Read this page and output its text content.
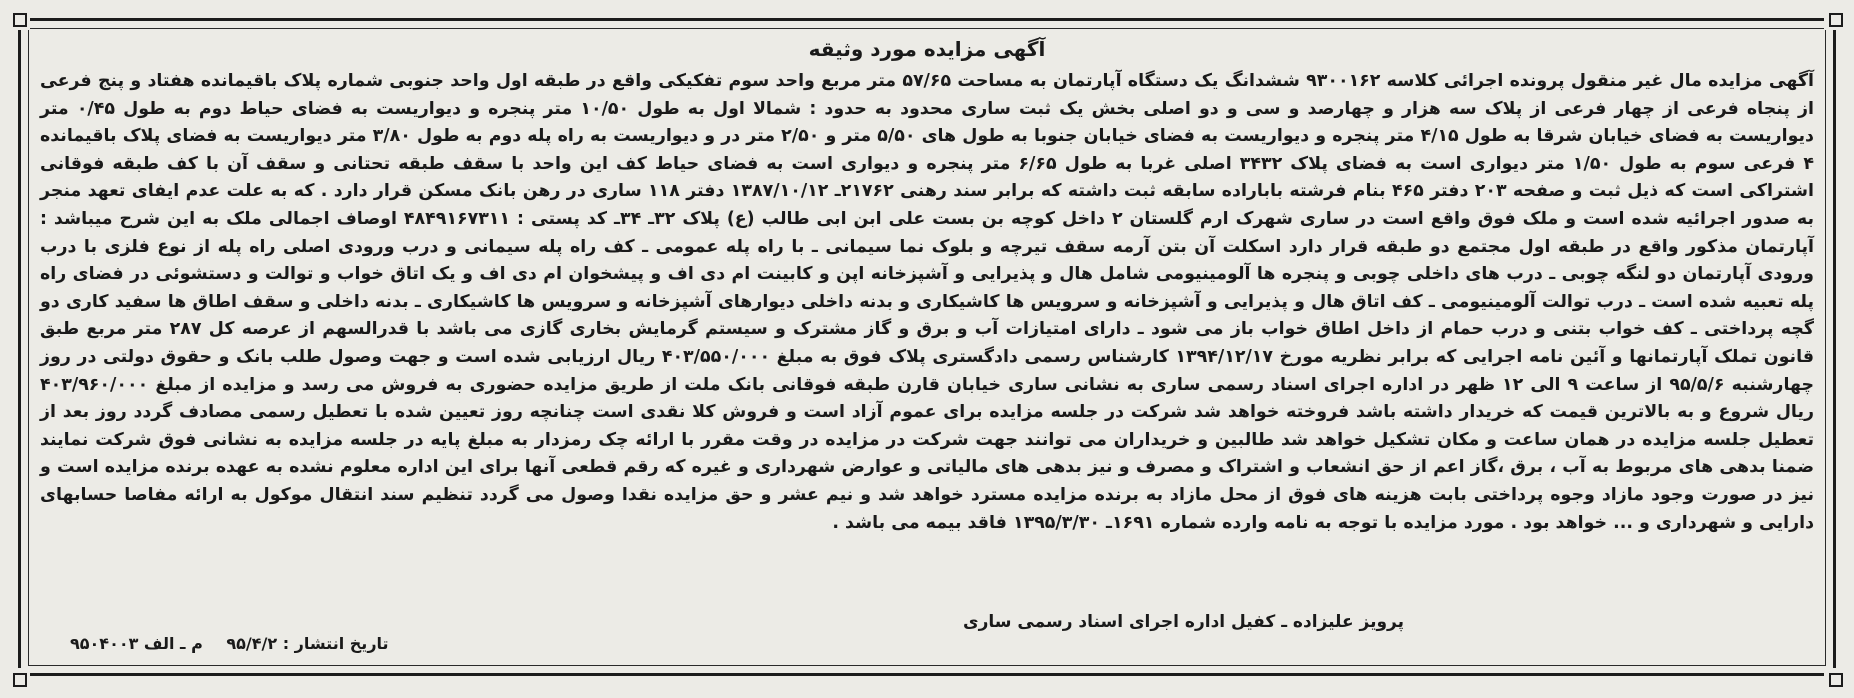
آگهی مزایده مورد وثیقه

آگهی مزایده مال غیر منقول پرونده اجرائی کلاسه ۹۳۰۰۱۶۲ ششدانگ یک دستگاه آپارتمان به مساحت ۵۷/۶۵ متر مربع واحد سوم تفکیکی واقع در طبقه اول واحد جنوبی شماره پلاک باقیمانده هفتاد و پنج فرعی از پنجاه فرعی از چهار فرعی از پلاک سه هزار و چهارصد و سی و دو اصلی بخش یک ثبت ساری محدود به حدود : شمالا اول به طول ۱۰/۵۰ متر پنجره و دیواریست به فضای حیاط دوم به طول ۰/۴۵ متر دیواریست به فضای خیابان شرقا به طول ۴/۱۵ متر پنجره و دیواریست به فضای خیابان جنوبا به طول های ۵/۵۰ متر و ۲/۵۰ متر در و دیواریست به راه پله دوم به طول ۳/۸۰ متر دیواریست به فضای پلاک باقیمانده ۴ فرعی سوم به طول ۱/۵۰ متر دیواری است به فضای پلاک ۳۴۳۲ اصلی غربا به طول ۶/۶۵ متر پنجره و دیواری است به فضای حیاط کف این واحد با سقف طبقه تحتانی و سقف آن با کف طبقه فوقانی اشتراکی است که ذیل ثبت و صفحه ۲۰۳ دفتر ۴۶۵ بنام فرشته باباراده سابقه ثبت داشته که برابر سند رهنی ۲۱۷۶۲ـ ۱۳۸۷/۱۰/۱۲ دفتر ۱۱۸ ساری در رهن بانک مسکن قرار دارد . که به علت عدم ایفای تعهد منجر به صدور اجرائیه شده است و ملک فوق واقع است در ساری شهرک ارم گلستان ۲ داخل کوچه بن بست علی ابن ابی طالب (ع) پلاک ۳۲ـ ۳۴ـ کد پستی : ۴۸۴۹۱۶۷۳۱۱ اوصاف اجمالی ملک به این شرح میباشد : آپارتمان مذکور واقع در طبقه اول مجتمع دو طبقه قرار دارد اسکلت آن بتن آرمه سقف تیرچه و بلوک نما سیمانی ـ با راه پله عمومی ـ کف راه پله سیمانی و درب ورودی اصلی راه پله از نوع فلزی با درب ورودی آپارتمان دو لنگه چوبی ـ درب های داخلی چوبی و پنجره ها آلومینیومی شامل هال و پذیرایی و آشپزخانه اپن و کابینت ام دی اف و پیشخوان ام دی اف و یک اتاق خواب و توالت و دستشوئی در فضای راه پله تعبیه شده است ـ درب توالت آلومینیومی ـ کف اتاق هال و پذیرایی و آشپزخانه و سرویس ها کاشیکاری و بدنه داخلی دیوارهای آشپزخانه و سرویس ها کاشیکاری ـ بدنه داخلی و سقف اطاق ها سفید کاری دو گچه پرداختی ـ کف خواب بتنی و درب حمام از داخل اطاق خواب باز می شود ـ دارای امتیازات آب و برق و گاز مشترک و سیستم گرمایش بخاری گازی می باشد با قدرالسهم از عرصه کل ۲۸۷ متر مربع طبق قانون تملک آپارتمانها و آئین نامه اجرایی که برابر نظریه مورخ ۱۳۹۴/۱۲/۱۷ کارشناس رسمی دادگستری پلاک فوق به مبلغ ۴۰۳/۵۵۰/۰۰۰ ریال ارزیابی شده است و جهت وصول طلب بانک و حقوق دولتی در روز چهارشنبه ۹۵/۵/۶ از ساعت ۹ الی ۱۲ ظهر در اداره اجرای اسناد رسمی ساری به نشانی ساری خیابان قارن طبقه فوقانی بانک ملت از طریق مزایده حضوری به فروش می رسد و مزایده از مبلغ ۴۰۳/۹۶۰/۰۰۰ ریال شروع و به بالاترین قیمت که خریدار داشته باشد فروخته خواهد شد شرکت در جلسه مزایده برای عموم آزاد است و فروش کلا نقدی است چنانچه روز تعیین شده با تعطیل رسمی مصادف گردد روز بعد از تعطیل جلسه مزایده در همان ساعت و مکان تشکیل خواهد شد طالبین و خریداران می توانند جهت شرکت در مزایده در وقت مقرر با ارائه چک رمزدار به مبلغ پایه در جلسه مزایده به نشانی فوق شرکت نمایند ضمنا بدهی های مربوط به آب ، برق ،گاز اعم از حق انشعاب و اشتراک و مصرف و نیز بدهی های مالیاتی و عوارض شهرداری و غیره که رقم قطعی آنها برای این اداره معلوم نشده به عهده برنده مزایده است و نیز در صورت وجود مازاد وجوه پرداختی بابت هزینه های فوق از محل مازاد به برنده مزایده مسترد خواهد شد و نیم عشر و حق مزایده نقدا وصول می گردد تنظیم سند انتقال موکول به ارائه مفاصا حسابهای دارایی و شهرداری و ... خواهد بود . مورد مزایده با توجه به نامه وارده شماره ۱۶۹۱ـ ۱۳۹۵/۳/۳۰ فاقد بیمه می باشد .

پرویز علیزاده ـ کفیل اداره اجرای اسناد رسمی ساری
تاریخ انتشار : ۹۵/۴/۲ م ـ الف ۹۵۰۴۰۰۳
